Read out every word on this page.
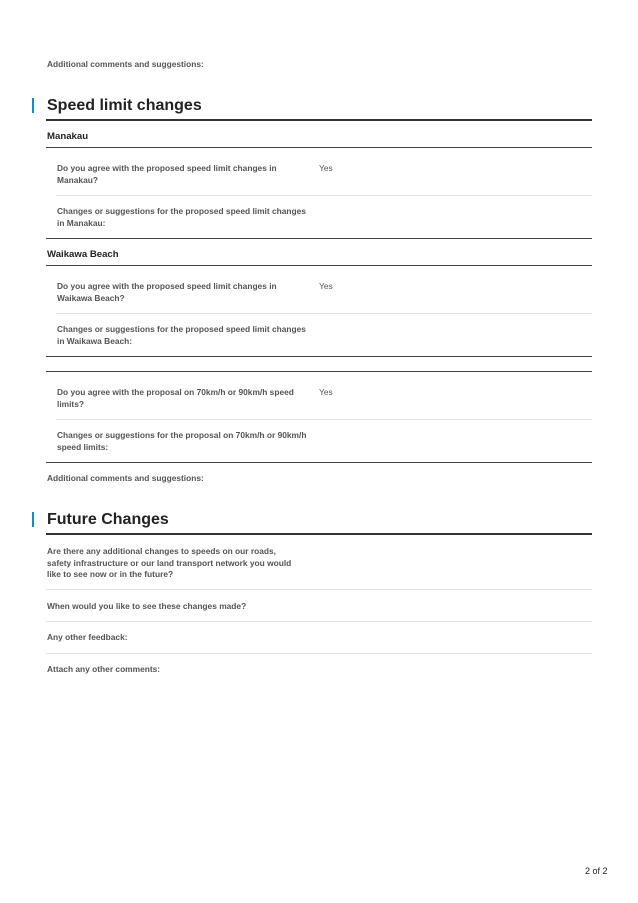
Additional comments and suggestions:
Speed limit changes
Manakau
Do you agree with the proposed speed limit changes in Manakau?
Yes
Changes or suggestions for the proposed speed limit changes in Manakau:
Waikawa Beach
Do you agree with the proposed speed limit changes in Waikawa Beach?
Yes
Changes or suggestions for the proposed speed limit changes in Waikawa Beach:
Do you agree with the proposal on 70km/h or 90km/h speed limits?
Yes
Changes or suggestions for the proposal on 70km/h or 90km/h speed limits:
Additional comments and suggestions:
Future Changes
Are there any additional changes to speeds on our roads, safety infrastructure or our land transport network you would like to see now or in the future?
When would you like to see these changes made?
Any other feedback:
Attach any other comments:
2 of 2
